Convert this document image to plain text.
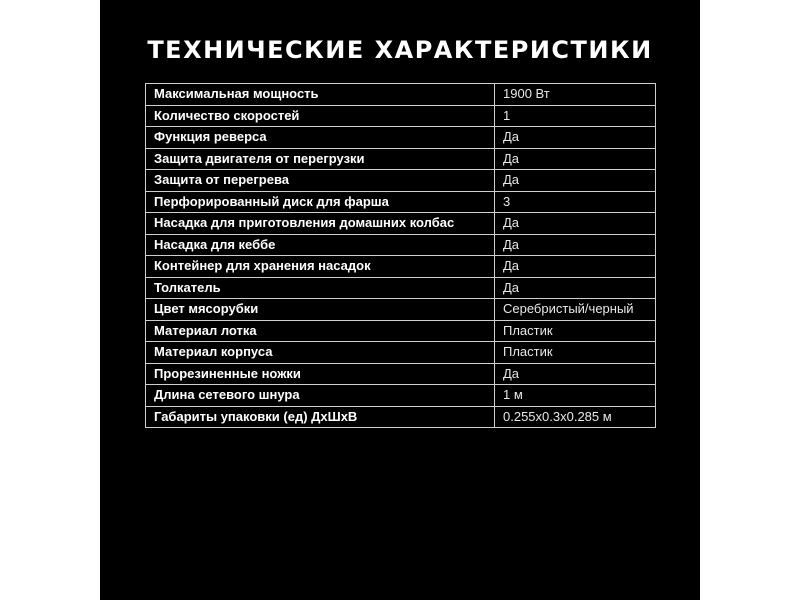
ТЕХНИЧЕСКИЕ ХАРАКТЕРИСТИКИ
Максимальная мощность	1900 Вт
Количество скоростей	1
Функция реверса	Да
Защита двигателя от перегрузки	Да
Защита от перегрева	Да
Перфорированный диск для фарша	3
Насадка для приготовления домашних колбас	Да
Насадка для кеббе	Да
Контейнер для хранения насадок	Да
Толкатель	Да
Цвет мясорубки	Серебристый/черный
Материал лотка	Пластик
Материал корпуса	Пластик
Прорезиненные ножки	Да
Длина сетевого шнура	1 м
Габариты упаковки (ед) ДхШхВ	0.255x0.3x0.285 м
